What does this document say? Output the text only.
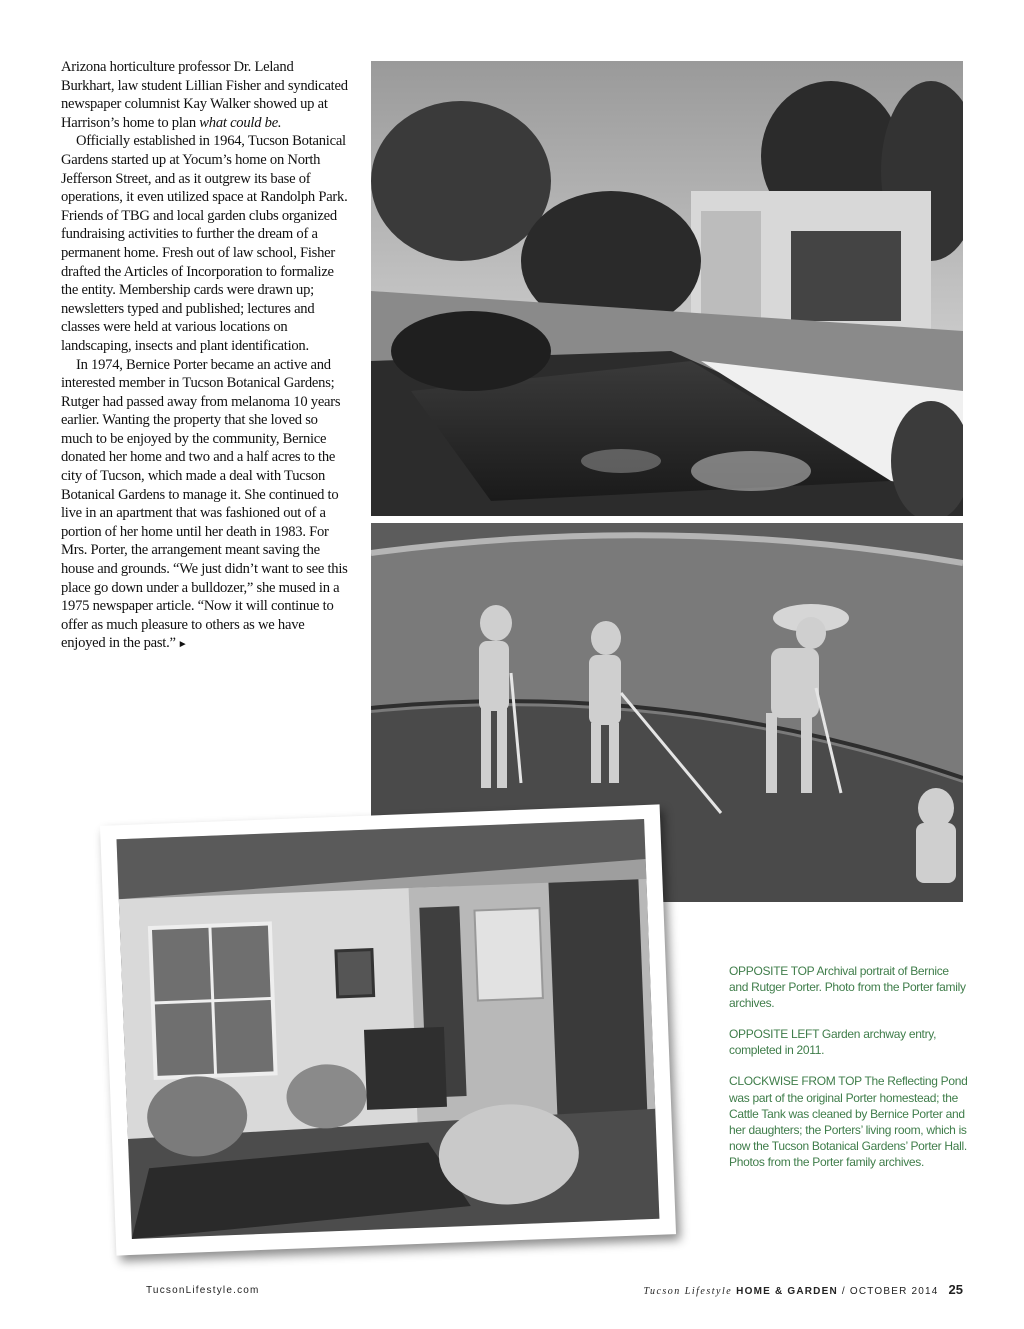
Arizona horticulture professor Dr. Leland Burkhart, law student Lillian Fisher and syndicated newspaper columnist Kay Walker showed up at Harrison’s home to plan what could be.

Officially established in 1964, Tucson Botanical Gardens started up at Yocum’s home on North Jefferson Street, and as it outgrew its base of operations, it even utilized space at Randolph Park. Friends of TBG and local garden clubs organized fundraising activities to further the dream of a permanent home. Fresh out of law school, Fisher drafted the Articles of Incorporation to formalize the entity. Membership cards were drawn up; newsletters typed and published; lectures and classes were held at various locations on landscaping, insects and plant identification.

In 1974, Bernice Porter became an active and interested member in Tucson Botanical Gardens; Rutger had passed away from melanoma 10 years earlier. Wanting the property that she loved so much to be enjoyed by the community, Bernice donated her home and two and a half acres to the city of Tucson, which made a deal with Tucson Botanical Gardens to manage it. She continued to live in an apartment that was fashioned out of a portion of her home until her death in 1983. For Mrs. Porter, the arrangement meant saving the house and grounds. “We just didn’t want to see this place go down under a bulldozer,” she mused in a 1975 newspaper article. “Now it will continue to offer as much pleasure to others as we have enjoyed in the past.” ►

OPPOSITE TOP Archival portrait of Bernice and Rutger Porter. Photo from the Porter family archives.

OPPOSITE LEFT Garden archway entry, completed in 2011.

CLOCKWISE FROM TOP The Reflecting Pond was part of the original Porter homestead; the Cattle Tank was cleaned by Bernice Porter and her daughters; the Porters’ living room, which is now the Tucson Botanical Gardens’ Porter Hall. Photos from the Porter family archives.

TucsonLifestyle.com	Tucson Lifestyle HOME & GARDEN / OCTOBER 2014 25
